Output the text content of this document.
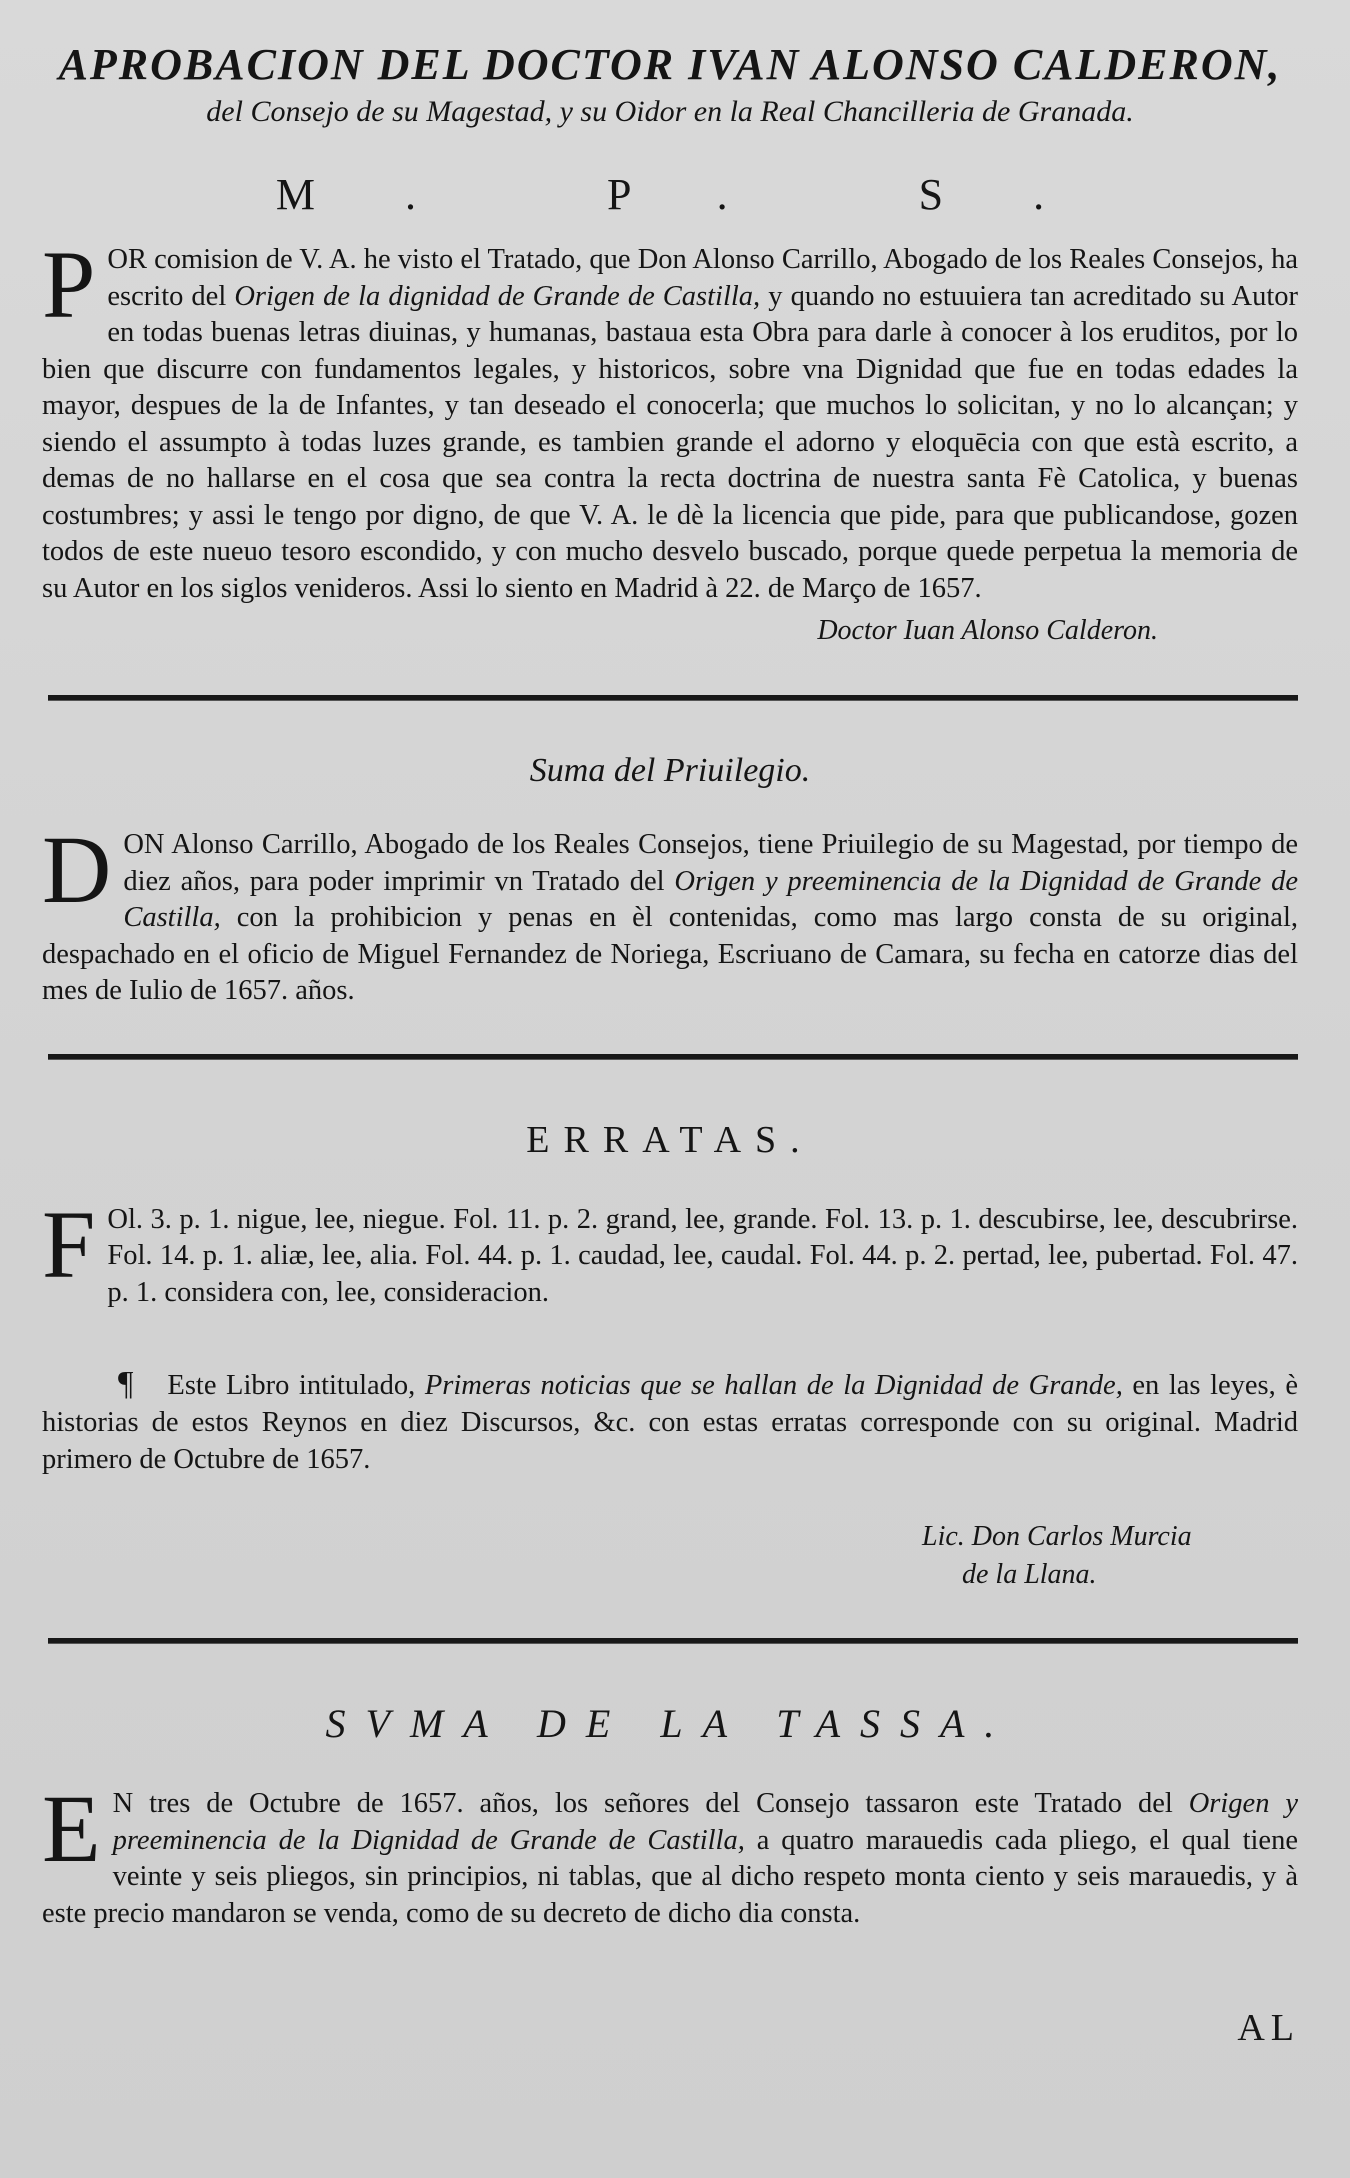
APROBACION DEL DOCTOR IVAN ALONSO CALDERON,

del Consejo de su Magestad, y su Oidor en la Real Chancilleria de Granada.

M. P. S.

POR comision de V. A. he visto el Tratado, que Don Alonso Carrillo, Abogado de los Reales Consejos, ha escrito del Origen de la dignidad de Grande de Castilla, y quando no estuuiera tan acreditado su Autor en todas buenas letras diuinas, y humanas, bastaua esta Obra para darle à conocer à los eruditos, por lo bien que discurre con fundamentos legales, y historicos, sobre vna Dignidad que fue en todas edades la mayor, despues de la de Infantes, y tan deseado el conocerla; que muchos lo solicitan, y no lo alcançan; y siendo el assumpto à todas luzes grande, es tambien grande el adorno y eloquēcia con que està escrito, a demas de no hallarse en el cosa que sea contra la recta doctrina de nuestra santa Fè Catolica, y buenas costumbres; y assi le tengo por digno, de que V. A. le dè la licencia que pide, para que publicandose, gozen todos de este nueuo tesoro escondido, y con mucho desvelo buscado, porque quede perpetua la memoria de su Autor en los siglos venideros. Assi lo siento en Madrid à 22. de Março de 1657.

Doctor Iuan Alonso Calderon.
Suma del Priuilegio.

DON Alonso Carrillo, Abogado de los Reales Consejos, tiene Priuilegio de su Magestad, por tiempo de diez años, para poder imprimir vn Tratado del Origen y preeminencia de la Dignidad de Grande de Castilla, con la prohibicion y penas en èl contenidas, como mas largo consta de su original, despachado en el oficio de Miguel Fernandez de Noriega, Escriuano de Camara, su fecha en catorze dias del mes de Iulio de 1657. años.

ERRATAS.

F Ol. 3. p. 1. nigue, lee, niegue. Fol. 11. p. 2. grand, lee, grande. Fol. 13. p. 1. descubirse, lee, descubrirse. Fol. 14. p. 1. aliæ, lee, alia. Fol. 44. p. 1. caudad, lee, caudal. Fol. 44. p. 2. pertad, lee, pubertad. Fol. 47. p. 1. considera con, lee, consideracion.

¶ Este Libro intitulado, Primeras noticias que se hallan de la Dignidad de Grande, en las leyes, è historias de estos Reynos en diez Discursos, &c. con estas erratas corresponde con su original. Madrid primero de Octubre de 1657.

Lic. Don Carlos Murcia
de la Llana.
SVMA DE LA TASSA.

E N tres de Octubre de 1657. años, los señores del Consejo tassaron este Tratado del Origen y preeminencia de la Dignidad de Grande de Castilla, a quatro marauedis cada pliego, el qual tiene veinte y seis pliegos, sin principios, ni tablas, que al dicho respeto monta ciento y seis marauedis, y à este precio mandaron se venda, como de su decreto de dicho dia consta.

AL
